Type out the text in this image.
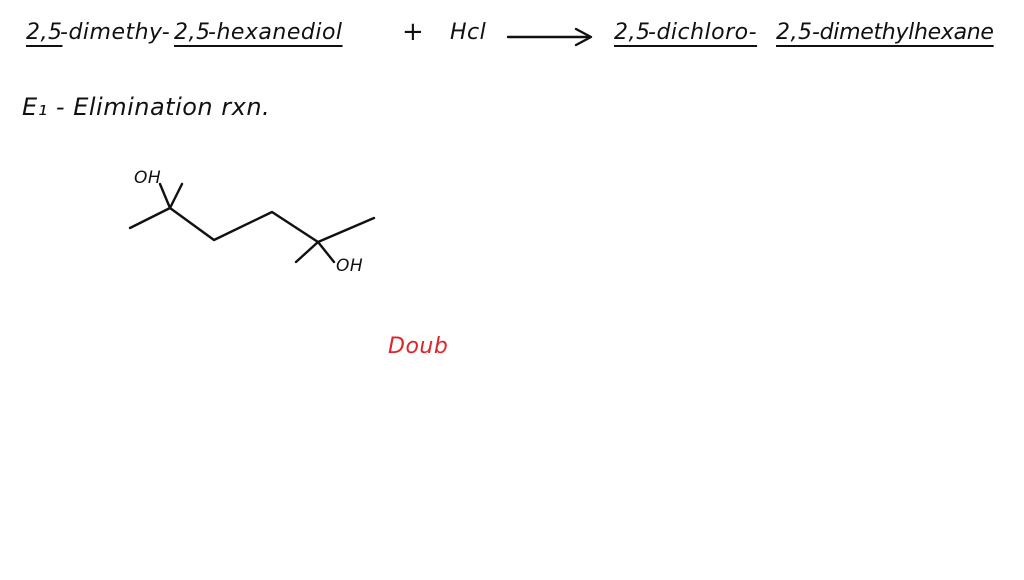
2,5
-dimethy- 2,5
-hexanediol + Hcl	2,5
-dichloro- 2,5 -dimethylhexane
E₁ - Elimination rxn.
OH
OH
Doub
